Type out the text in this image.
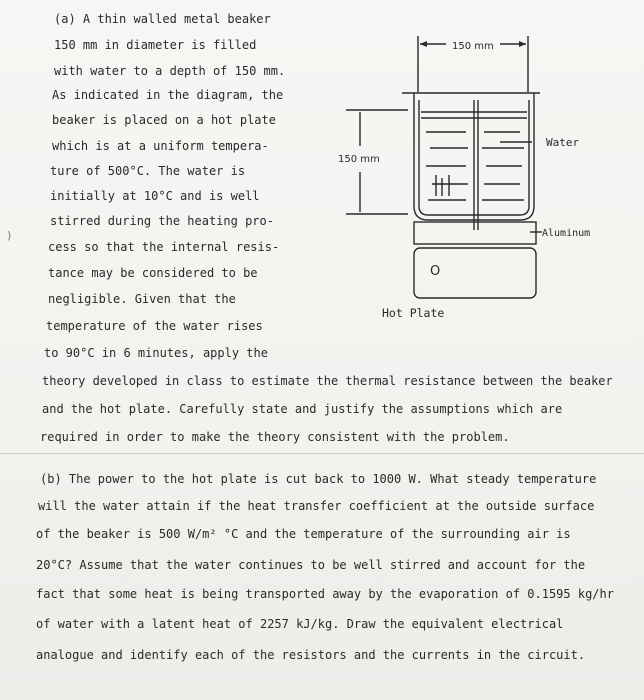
)
(a) A thin walled metal beaker
150 mm in diameter is filled
with water to a depth of 150 mm.
As indicated in the diagram, the
beaker is placed on a hot plate
which is at a uniform tempera-
ture of 500°C. The water is
initially at 10°C and is well
stirred during the heating pro-
cess so that the internal resis-
tance may be considered to be
negligible. Given that the
temperature of the water rises
to 90°C in 6 minutes, apply the
theory developed in class to estimate the thermal resistance between the beaker
and the hot plate. Carefully state and justify the assumptions which are
required in order to make the theory consistent with the problem.
150 mm
150 mm
Water
Aluminum
O
Hot Plate
(b) The power to the hot plate is cut back to 1000 W. What steady temperature
will the water attain if the heat transfer coefficient at the outside surface
of the beaker is 500 W/m² °C and the temperature of the surrounding air is
20°C? Assume that the water continues to be well stirred and account for the
fact that some heat is being transported away by the evaporation of 0.1595 kg/hr
of water with a latent heat of 2257 kJ/kg. Draw the equivalent electrical
analogue and identify each of the resistors and the currents in the circuit.
